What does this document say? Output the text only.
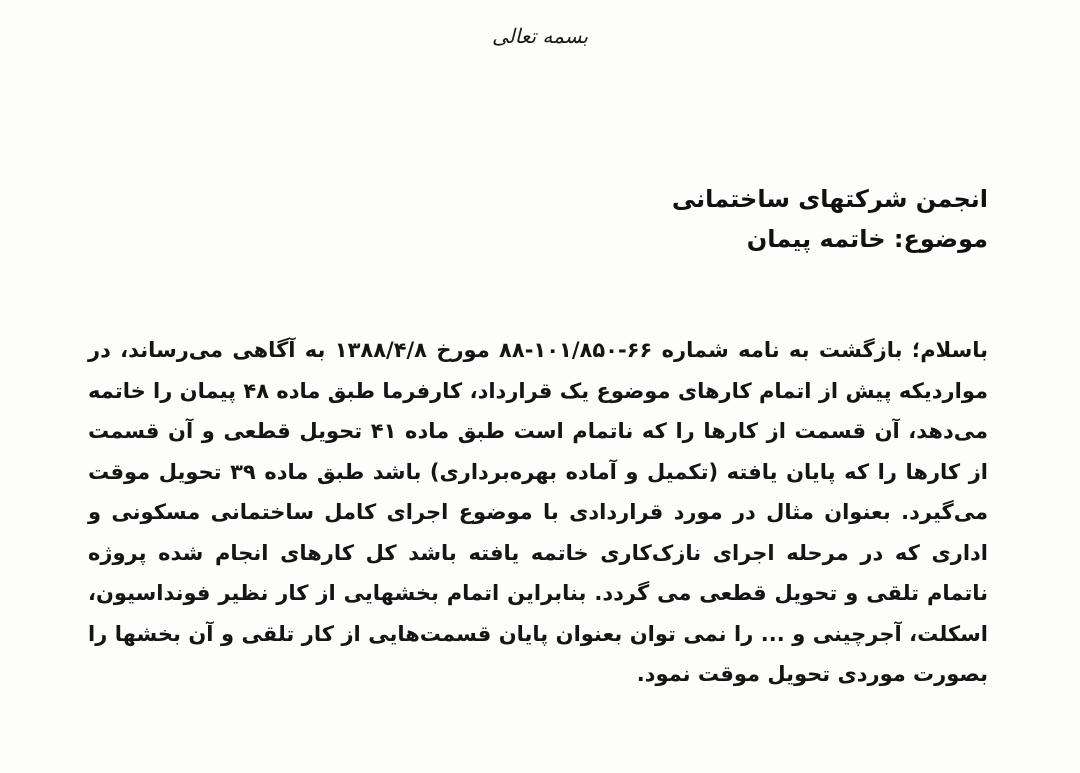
بسمه تعالی
انجمن شرکتهای ساختمانی
موضوع: خاتمه پیمان

باسلام؛ بازگشت به نامه شماره ۶۶-۱۰۱/۸۵۰-۸۸ مورخ ۱۳۸۸/۴/۸ به آگاهی می‌رساند، در مواردیکه پیش از اتمام کارهای موضوع یک قرارداد، کارفرما طبق ماده ۴۸ پیمان را خاتمه می‌دهد، آن قسمت از کارها را که ناتمام است طبق ماده ۴۱ تحویل قطعی و آن قسمت از کارها را که پایان یافته (تکمیل و آماده بهره‌برداری) باشد طبق ماده ۳۹ تحویل موقت می‌گیرد. بعنوان مثال در مورد قراردادی با موضوع اجرای کامل ساختمانی مسکونی و اداری که در مرحله اجرای نازک‌کاری خاتمه یافته باشد کل کارهای انجام شده پروژه ناتمام تلقی و تحویل قطعی می گردد. بنابراین اتمام بخشهایی از کار نظیر فونداسیون، اسکلت، آجرچینی و ... را نمی توان بعنوان پایان قسمت‌هایی از کار تلقی و آن بخشها را بصورت موردی تحویل موقت نمود.
